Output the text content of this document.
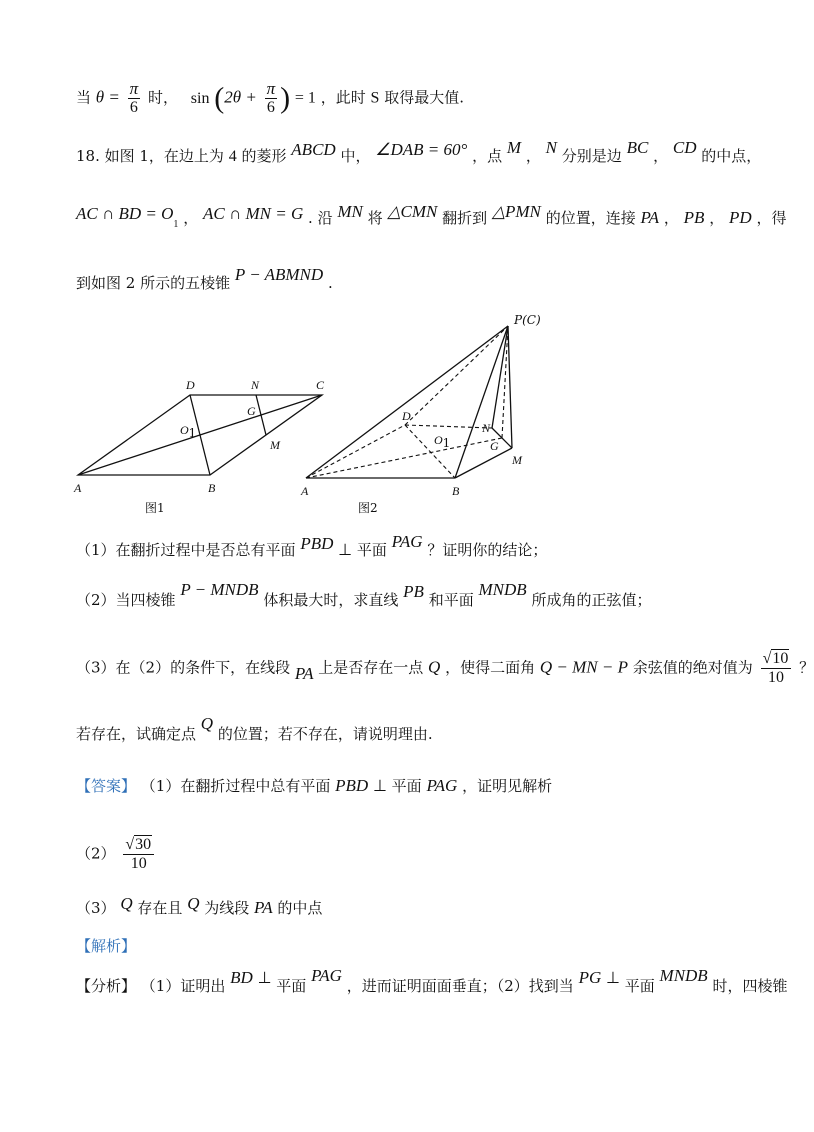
当 $\theta = \frac{\pi}{6}$ 时， $\sin (2\theta + \frac{\pi}{6}$ ) = 1 ，此时 S 取得最大值.
18. 如图 1，在边上为 4 的菱形 ABCD 中， ∠DAB = 60° ，点 M ， N 分别是边 BC ， CD 的中点，
AC ∩ BD = $O_1$ ， AC ∩ MN = G . 沿 MN 将 △CMN 翻折到 △PMN 的位置，连接 PA ， PB ， PD ，得
到如图 2 所示的五棱锥 P − ABMND .
D	N	C
G
O1
M
A	B
图1
P(C)
D
N
O1	G
M
A	B
图2
（1）在翻折过程中是否总有平面 PBD ⊥ 平面 PAG ？证明你的结论；
（2）当四棱锥 P − MNDB 体积最大时，求直线 PB 和平面 MNDB 所成角的正弦值；
（3）在（2）的条件下，在线段 PA 上是否存在一点 Q ，使得二面角 Q − MN − P 余弦值的绝对值为 $\frac{√10}{10}$ ？
若存在，试确定点 Q 的位置；若不存在，请说明理由.
【答案】 （1）在翻折过程中总有平面 PBD ⊥ 平面 PAG ，证明见解析
$(2) \frac{√30}{10}$
（3） Q 存在且 Q 为线段 PA 的中点
【解析】
【分析】 （1）证明出 BD ⊥ 平面 PAG ，进而证明面面垂直；（2）找到当 PG ⊥ 平面 MNDB 时，四棱锥
